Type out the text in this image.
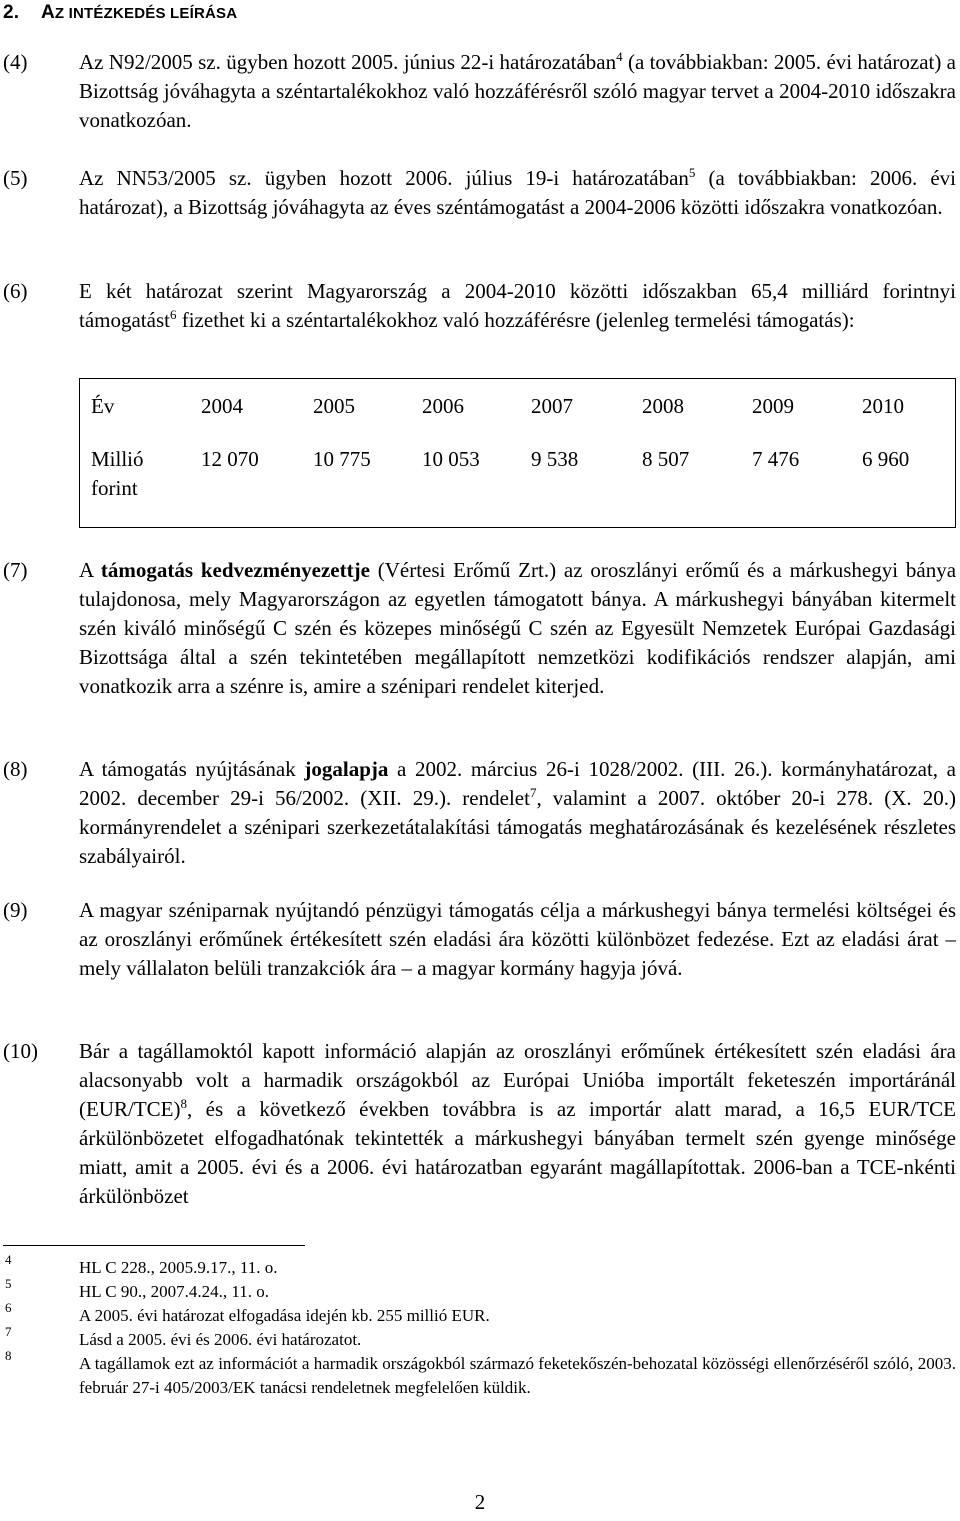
2. AZ INTÉZKEDÉS LEÍRÁSA
(4) Az N92/2005 sz. ügyben hozott 2005. június 22-i határozatában$^4$ (a továbbiakban: 2005. évi határozat) a Bizottság jóváhagyta a széntartalékokhoz való hozzáférésről szóló magyar tervet a 2004-2010 időszakra vonatkozóan.
(5) Az NN53/2005 sz. ügyben hozott 2006. július 19-i határozatában$^5$ (a továbbiakban: 2006. évi határozat), a Bizottság jóváhagyta az éves széntámogatást a 2004-2006 közötti időszakra vonatkozóan.
(6) E két határozat szerint Magyarország a 2004-2010 közötti időszakban 65,4 milliárd forintnyi támogatást$^6$ fizethet ki a széntartalékokhoz való hozzáférésre (jelenleg termelési támogatás):
Év	2004	2005	2006	2007	2008	2009	2010
Millió
forint	12 070	10 775	10 053	9 538	8 507	7 476	6 960
(7) A támogatás kedvezményezettje (Vértesi Erőmű Zrt.) az oroszlányi erőmű és a márkushegyi bánya tulajdonosa, mely Magyarországon az egyetlen támogatott bánya. A márkushegyi bányában kitermelt szén kiváló minőségű C szén és közepes minőségű C szén az Egyesült Nemzetek Európai Gazdasági Bizottsága által a szén tekintetében megállapított nemzetközi kodifikációs rendszer alapján, ami vonatkozik arra a szénre is, amire a szénipari rendelet kiterjed.
(8) A támogatás nyújtásának jogalapja a 2002. március 26-i 1028/2002. (III. 26.). kormányhatározat, a 2002. december 29-i 56/2002. (XII. 29.). rendelet$^7$, valamint a 2007. október 20-i 278. (X. 20.) kormányrendelet a szénipari szerkezetátalakítási támogatás meghatározásának és kezelésének részletes szabályairól.
(9) A magyar széniparnak nyújtandó pénzügyi támogatás célja a márkushegyi bánya termelési költségei és az oroszlányi erőműnek értékesített szén eladási ára közötti különbözet fedezése. Ezt az eladási árat – mely vállalaton belüli tranzakciók ára – a magyar kormány hagyja jóvá.
(10) Bár a tagállamoktól kapott információ alapján az oroszlányi erőműnek értékesített szén eladási ára alacsonyabb volt a harmadik országokból az Európai Unióba importált feketeszén importáránál $(EUR/TCE)^8$, és a következő években továbbra is az importár alatt marad, a 16,5 EUR/TCE árkülönbözetet elfogadhatónak tekintették a márkushegyi bányában termelt szén gyenge minősége miatt, amit a 2005. évi és a 2006. évi határozatban egyaránt magállapítottak. 2006-ban a TCE-nkénti árkülönbözet
4
5
6
7
8
HL C 228., 2005.9.17., 11. o.
HL C 90., 2007.4.24., 11. o.
A 2005. évi határozat elfogadása idején kb. 255 millió EUR.
Lásd a 2005. évi és 2006. évi határozatot.
A tagállamok ezt az információt a harmadik országokból származó feketekőszén-behozatal közösségi ellenőrzéséről szóló, 2003. február 27-i 405/2003/EK tanácsi rendeletnek megfelelően küldik.
2
